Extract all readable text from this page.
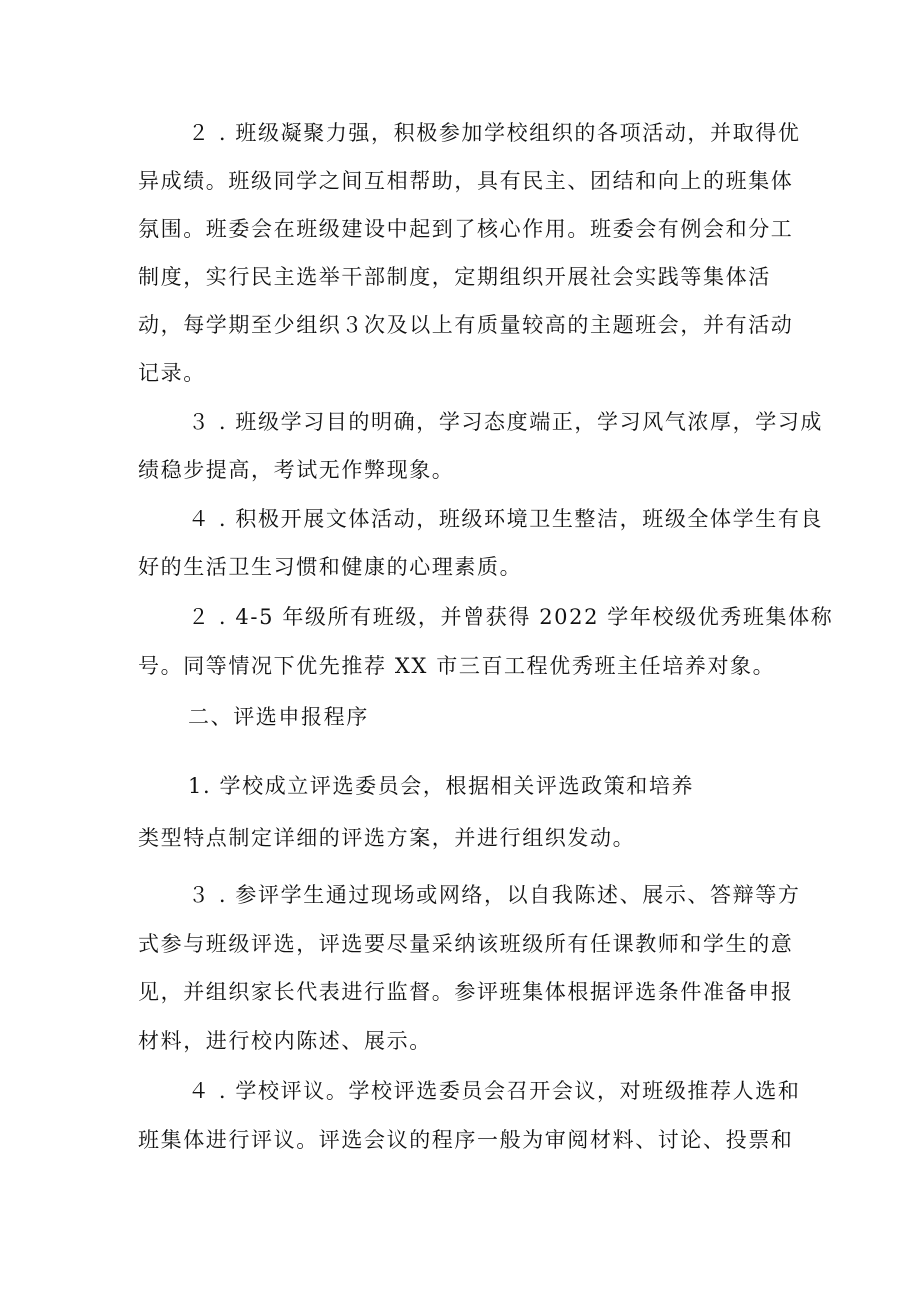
２ . 班级凝聚力强，积极参加学校组织的各项活动，并取得优
异成绩。班级同学之间互相帮助，具有民主、团结和向上的班集体
氛围。班委会在班级建设中起到了核心作用。班委会有例会和分工
制度，实行民主选举干部制度，定期组织开展社会实践等集体活
动，每学期至少组织３次及以上有质量较高的主题班会，并有活动
记录。
３ . 班级学习目的明确，学习态度端正，学习风气浓厚，学习成
绩稳步提高，考试无作弊现象。
４ . 积极开展文体活动，班级环境卫生整洁，班级全体学生有良
好的生活卫生习惯和健康的心理素质。
２ . 4-5 年级所有班级，并曾获得 2022 学年校级优秀班集体称
号。同等情况下优先推荐 XX 市三百工程优秀班主任培养对象。
二、评选申报程序
1. 学校成立评选委员会，根据相关评选政策和培养
类型特点制定详细的评选方案，并进行组织发动。
３ . 参评学生通过现场或网络，以自我陈述、展示、答辩等方
式参与班级评选，评选要尽量采纳该班级所有任课教师和学生的意
见，并组织家长代表进行监督。参评班集体根据评选条件准备申报
材料，进行校内陈述、展示。
４ . 学校评议。学校评选委员会召开会议，对班级推荐人选和
班集体进行评议。评选会议的程序一般为审阅材料、讨论、投票和
